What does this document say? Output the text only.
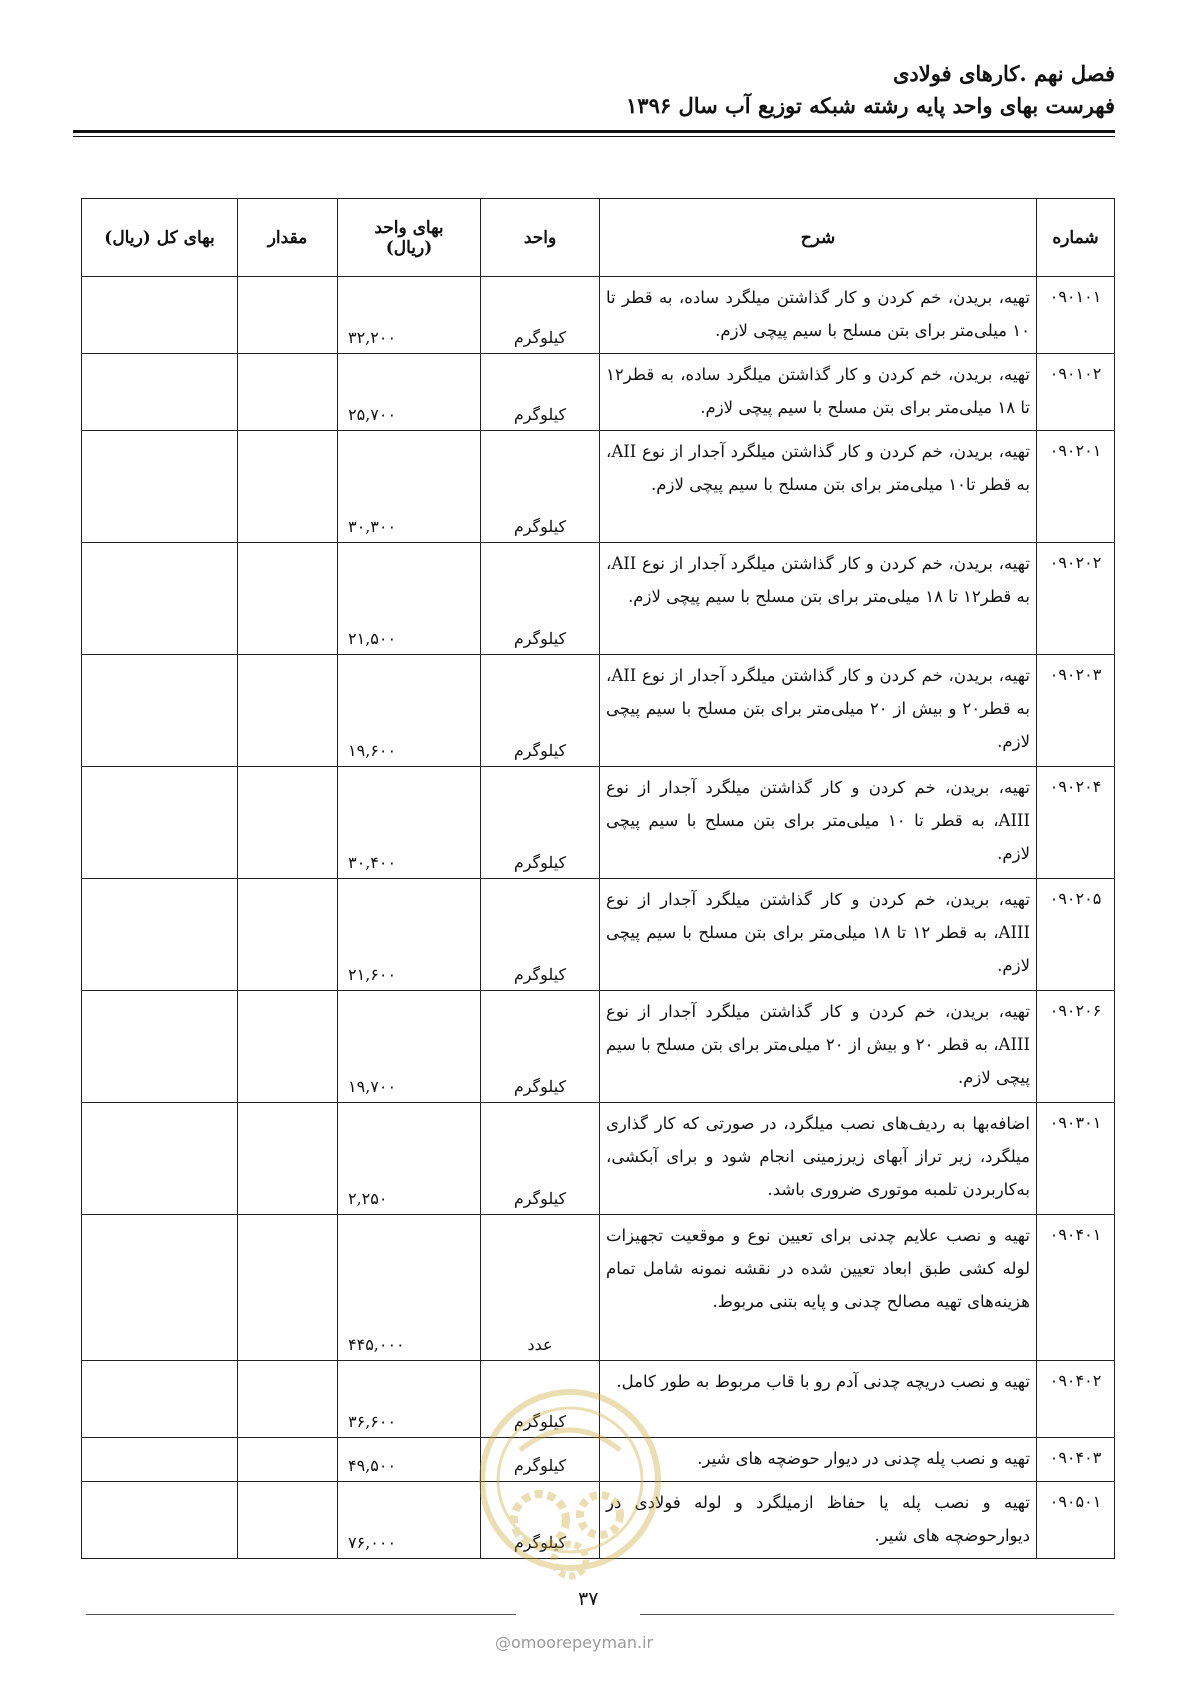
فصل نهم .کارهای فولادی
فهرست بهای واحد پایه رشته شبکه توزیع آب سال ۱۳۹۶
شماره	شرح	واحد	بهای واحد (ریال)	مقدار	بهای کل (ریال)
۰۹۰۱۰۱	تهیه، بریدن، خم کردن و کار گذاشتن میلگرد ساده، به قطر تا ۱۰ میلی‌متر برای بتن مسلح با سیم پیچی لازم.	کیلوگرم	۳۲,۲۰۰		
۰۹۰۱۰۲	تهیه، بریدن، خم کردن و کار گذاشتن میلگرد ساده، به قطر۱۲ تا ۱۸ میلی‌متر برای بتن مسلح با سیم پیچی لازم.	کیلوگرم	۲۵,۷۰۰		
۰۹۰۲۰۱	تهیه، بریدن، خم کردن و کار گذاشتن میلگرد آجدار از نوع AII، به قطر تا۱۰ میلی‌متر برای بتن مسلح با سیم پیچی لازم.	کیلوگرم	۳۰,۳۰۰		
۰۹۰۲۰۲	تهیه، بریدن، خم کردن و کار گذاشتن میلگرد آجدار از نوع AII، به قطر۱۲ تا ۱۸ میلی‌متر برای بتن مسلح با سیم پیچی لازم.	کیلوگرم	۲۱,۵۰۰		
۰۹۰۲۰۳	تهیه، بریدن، خم کردن و کار گذاشتن میلگرد آجدار از نوع AII، به قطر۲۰ و بیش از ۲۰ میلی‌متر برای بتن مسلح با سیم پیچی لازم.	کیلوگرم	۱۹,۶۰۰		
۰۹۰۲۰۴	تهیه، بریدن، خم کردن و کار گذاشتن میلگرد آجدار از نوع AIII، به قطر تا ۱۰ میلی‌متر برای بتن مسلح با سیم پیچی لازم.	کیلوگرم	۳۰,۴۰۰		
۰۹۰۲۰۵	تهیه، بریدن، خم کردن و کار گذاشتن میلگرد آجدار از نوع AIII، به قطر ۱۲ تا ۱۸ میلی‌متر برای بتن مسلح با سیم پیچی لازم.	کیلوگرم	۲۱,۶۰۰		
۰۹۰۲۰۶	تهیه، بریدن، خم کردن و کار گذاشتن میلگرد آجدار از نوع AIII، به قطر ۲۰ و بیش از ۲۰ میلی‌متر برای بتن مسلح با سیم پیچی لازم.	کیلوگرم	۱۹,۷۰۰		
۰۹۰۳۰۱	اضافه‌بها به ردیف‌های نصب میلگرد، در صورتی که کار گذاری میلگرد، زیر تراز آبهای زیرزمینی انجام شود و برای آبکشی، به‌کاربردن تلمبه موتوری ضروری باشد.	کیلوگرم	۲,۲۵۰		
۰۹۰۴۰۱	تهیه و نصب علایم چدنی برای تعیین نوع و موقعیت تجهیزات لوله کشی طبق ابعاد تعیین شده در نقشه نمونه شامل تمام هزینه‌های تهیه مصالح چدنی و پایه بتنی مربوط.	عدد	۴۴۵,۰۰۰		
۰۹۰۴۰۲	تهیه و نصب دریچه چدنی آدم رو با قاب مربوط به طور کامل.	کیلوگرم	۳۶,۶۰۰		
۰۹۰۴۰۳	تهیه و نصب پله چدنی در دیوار حوضچه های شیر.	کیلوگرم	۴۹,۵۰۰		
۰۹۰۵۰۱	تهیه و نصب پله یا حفاظ ازمیلگرد و لوله فولادی در دیوارحوضچه های شیر.	کیلوگرم	۷۶,۰۰۰		
۳۷
@omoorepeyman.ir
